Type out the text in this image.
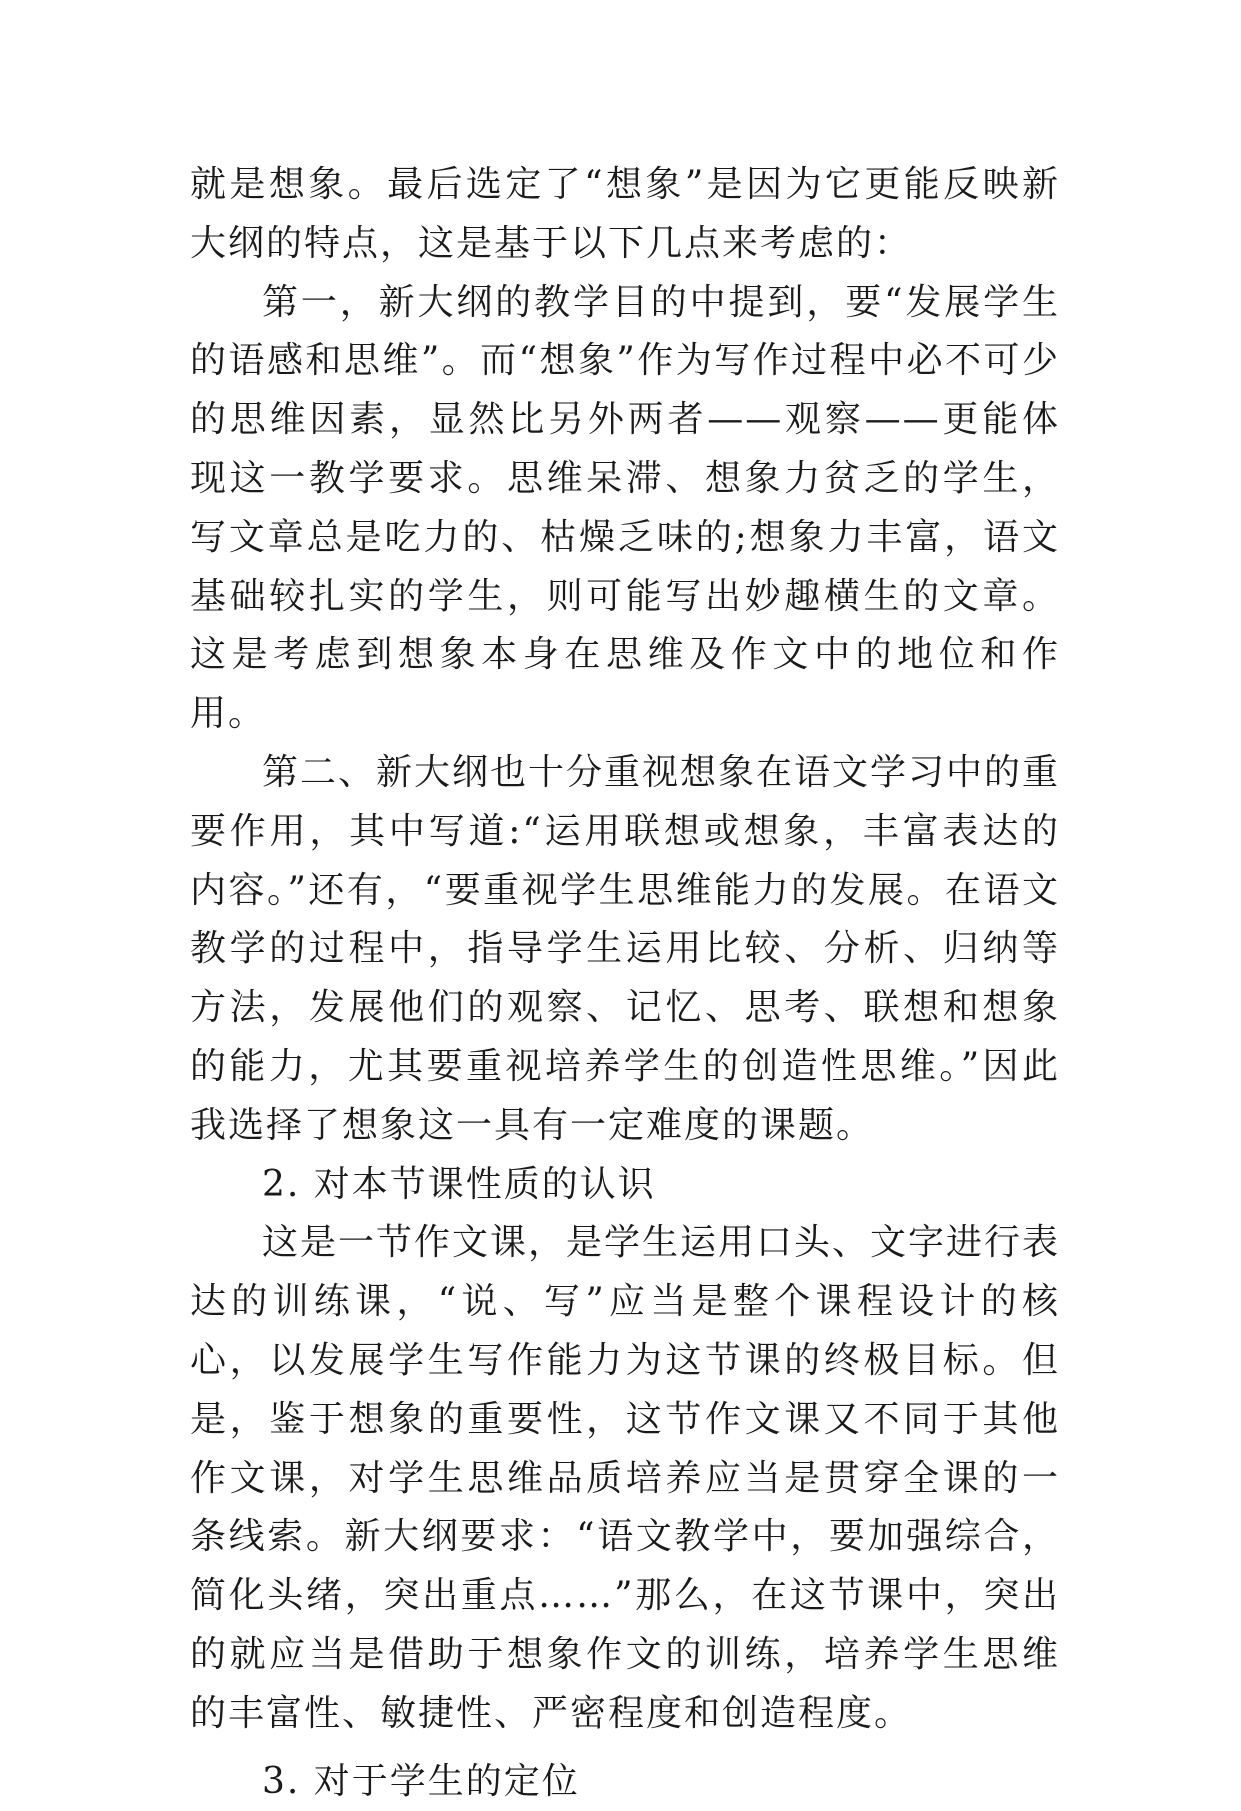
就是想象。最后选定了“想象”是因为它更能反映新大纲的特点，这是基于以下几点来考虑的：

第一，新大纲的教学目的中提到，要“发展学生的语感和思维”。而“想象”作为写作过程中必不可少的思维因素，显然比另外两者——观察——更能体现这一教学要求。思维呆滞、想象力贫乏的学生，写文章总是吃力的、枯燥乏味的;想象力丰富，语文基础较扎实的学生，则可能写出妙趣横生的文章。这是考虑到想象本身在思维及作文中的地位和作用。

第二、新大纲也十分重视想象在语文学习中的重要作用，其中写道:“运用联想或想象，丰富表达的内容。”还有，“要重视学生思维能力的发展。在语文教学的过程中，指导学生运用比较、分析、归纳等方法，发展他们的观察、记忆、思考、联想和想象的能力，尤其要重视培养学生的创造性思维。”因此我选择了想象这一具有一定难度的课题。

2. 对本节课性质的认识

这是一节作文课，是学生运用口头、文字进行表达的训练课，“说、写”应当是整个课程设计的核心，以发展学生写作能力为这节课的终极目标。但是，鉴于想象的重要性，这节作文课又不同于其他作文课，对学生思维品质培养应当是贯穿全课的一条线索。新大纲要求：“语文教学中，要加强综合，简化头绪，突出重点……”那么，在这节课中，突出的就应当是借助于想象作文的训练，培养学生思维的丰富性、敏捷性、严密程度和创造程度。

3. 对于学生的定位
